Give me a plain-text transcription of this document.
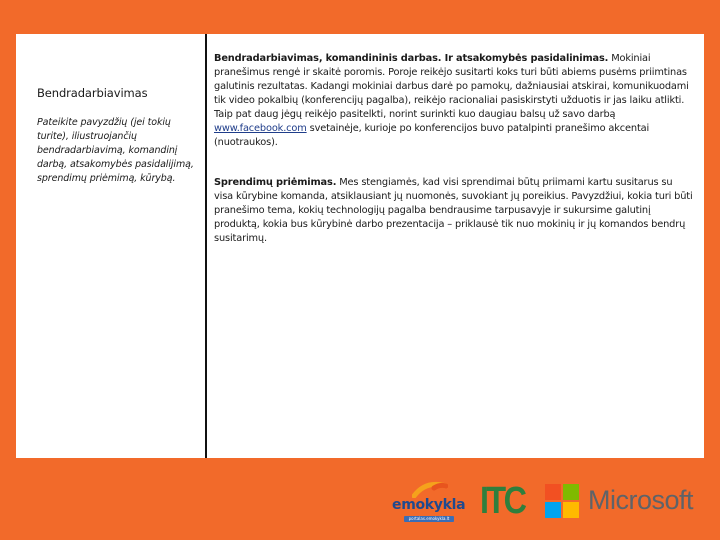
Bendradarbiavimas

Pateikite pavyzdžių (jei tokių turite), iliustruojančių bendradarbiavimą, komandinį darbą, atsakomybės pasidalijimą, sprendimų priėmimą, kūrybą.

Bendradarbiavimas, komandininis darbas. Ir atsakomybės pasidalinimas. Mokiniai pranešimus rengė ir skaitė poromis. Poroje reikėjo susitarti koks turi būti abiems pusėms priimtinas galutinis rezultatas. Kadangi mokiniai darbus darė po pamokų, dažniausiai atskirai, komunikuodami tik video pokalbių (konferencijų pagalba), reikėjo racionaliai pasiskirstyti užduotis ir jas laiku atlikti. Taip pat daug jėgų reikėjo pasitelkti, norint surinkti kuo daugiau balsų už savo darbą www.facebook.com svetainėje, kurioje po konferencijos buvo patalpinti pranešimo akcentai (nuotraukos).

Sprendimų priėmimas. Mes stengiamės, kad visi sprendimai būtų priimami kartu susitarus su visa kūrybine komanda, atsiklausiant jų nuomonės, suvokiant jų poreikius. Pavyzdžiui, kokia turi būti pranešimo tema, kokių technologijų pagalba bendrausime tarpusavyje ir sukursime galutinį produktą, kokia bus kūrybinė darbo prezentacija – priklausė tik nuo mokinių ir jų komandos bendrų susitarimų.

emokykla
portalas.emokykla.lt ITC Microsoft
